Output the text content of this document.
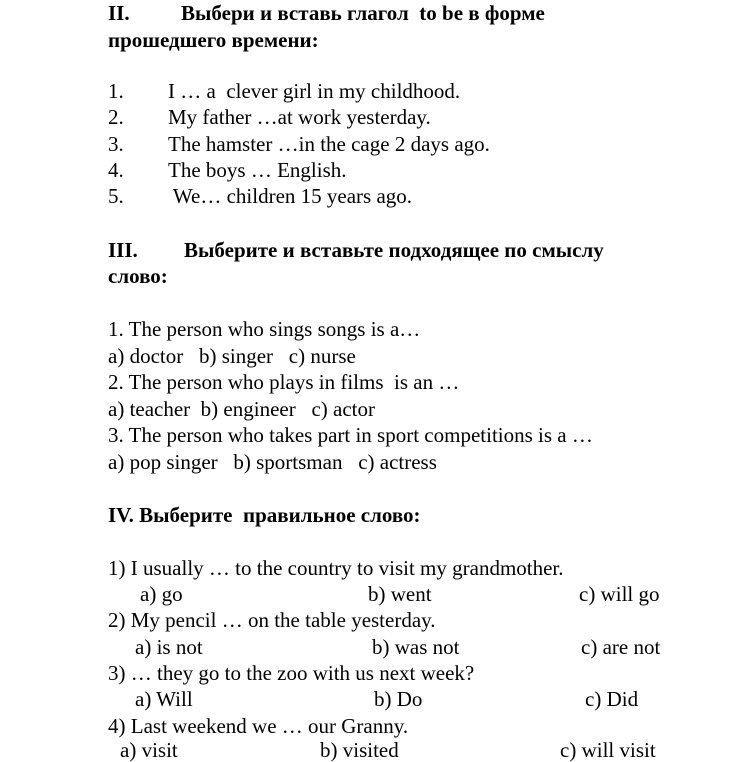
II. Выбери и вставь глагол  to be в форме
прошедшего времени:
1. I … a  clever girl in my childhood.
2. My father …at work yesterday.
3. The hamster …in the cage 2 days ago.
4. The boys … English.
5. We… children 15 years ago.
III. Выберите и вставьте подходящее по смыслу
слово:
1. The person who sings songs is a…
a) doctor   b) singer   c) nurse
2. The person who plays in films  is an …
a) teacher  b) engineer   c) actor
3. The person who takes part in sport competitions is a …
a) pop singer   b) sportsman   c) actress
IV. Выберите  правильное слово:
1) I usually … to the country to visit my grandmother.
a) go	b) went	c) will go
2) My pencil … on the table yesterday.
a) is not	b) was not	c) are not
3) … they go to the zoo with us next week?
a) Will	b) Do	c) Did
4) Last weekend we … our Granny.
a) visit	b) visited	c) will visit
